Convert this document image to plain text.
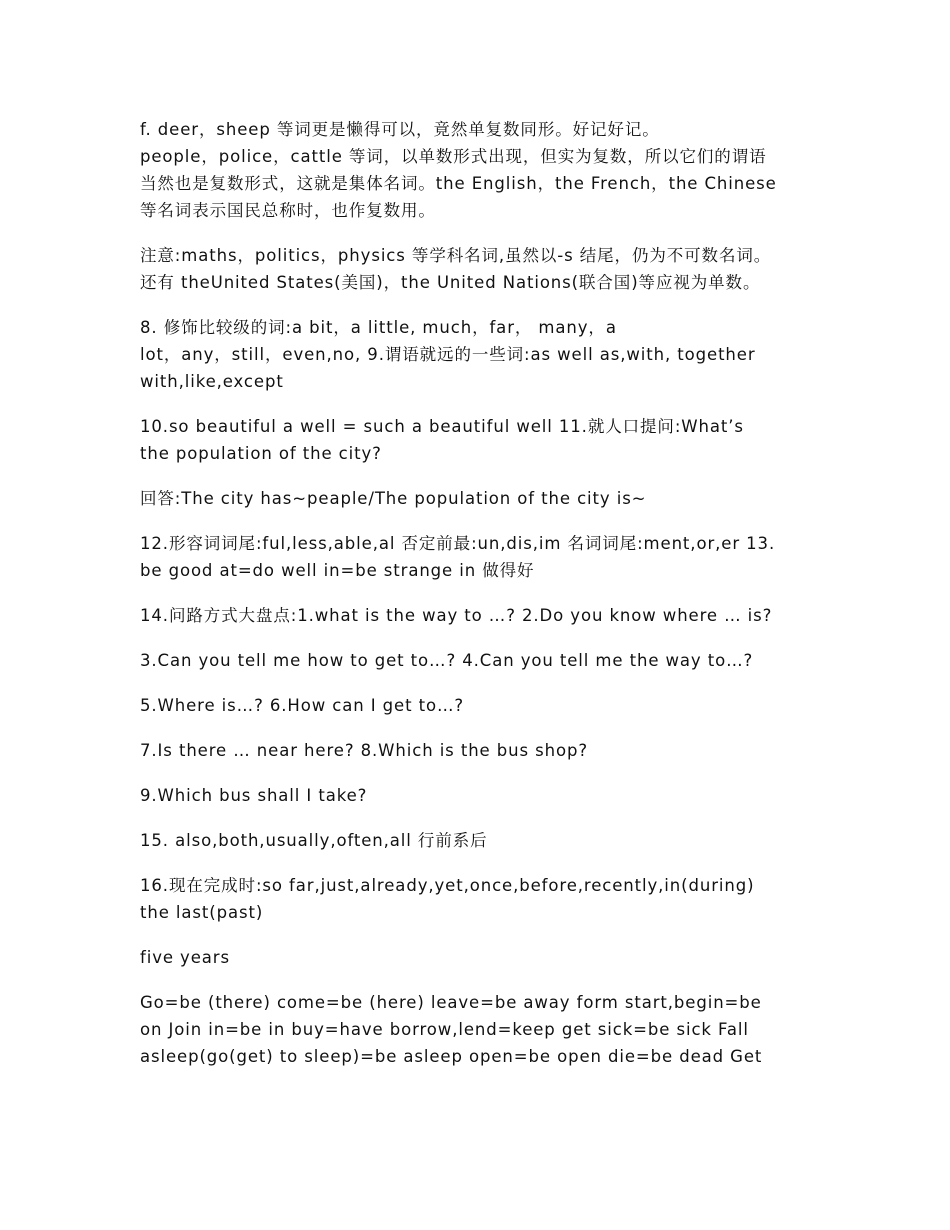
f. deer，sheep 等词更是懒得可以，竟然单复数同形。好记好记。
people，police，cattle 等词，以单数形式出现，但实为复数，所以它们的谓语
当然也是复数形式，这就是集体名词。the English，the French，the Chinese
等名词表示国民总称时，也作复数用。
注意:maths，politics，physics 等学科名词,虽然以-s 结尾，仍为不可数名词。
还有 theUnited States(美国)，the United Nations(联合国)等应视为单数。
8. 修饰比较级的词:a bit，a little, much，far， many，a
lot，any，still，even,no, 9.谓语就远的一些词:as well as,with, together
with,like,except
10.so beautiful a well = such a beautiful well 11.就人口提问:What’s
the population of the city?
回答:The city has~peaple/The population of the city is~
12.形容词词尾:ful,less,able,al 否定前最:un,dis,im 名词词尾:ment,or,er 13.
be good at=do well in=be strange in 做得好
14.问路方式大盘点:1.what is the way to …? 2.Do you know where … is?
3.Can you tell me how to get to…? 4.Can you tell me the way to…?
5.Where is…? 6.How can I get to…?
7.Is there … near here? 8.Which is the bus shop?
9.Which bus shall I take?
15. also,both,usually,often,all 行前系后
16.现在完成时:so far,just,already,yet,once,before,recently,in(during)
the last(past)
five years
Go=be (there) come=be (here) leave=be away form start,begin=be
on Join in=be in buy=have borrow,lend=keep get sick=be sick Fall
asleep(go(get) to sleep)=be asleep open=be open die=be dead Get
